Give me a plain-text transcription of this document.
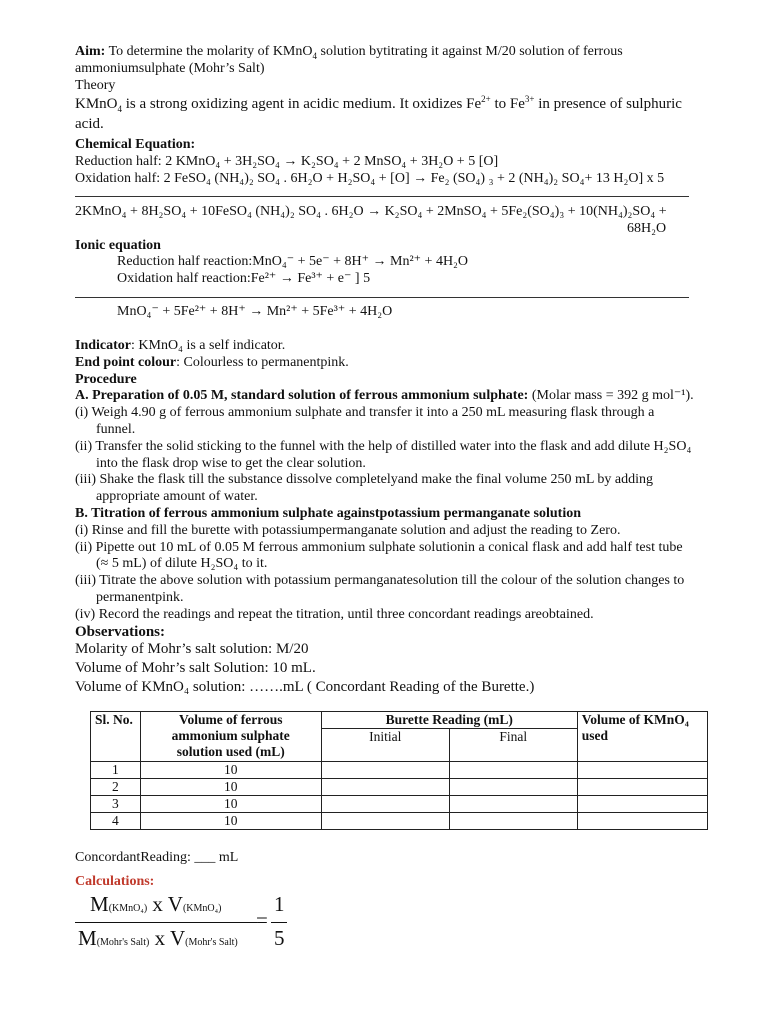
Aim: To determine the molarity of KMnO$_4$ solution bytitrating it against M/20 solution of ferrous
ammoniumsulphate (Mohr’s Salt)
Theory
KMnO$_4$ is a strong oxidizing agent in acidic medium. It oxidizes $Fe^{2+}$ to $Fe^{3+}$ in presence of sulphuric
acid.
Chemical Equation:
Reduction half: 2 KMnO₄ + 3H₂SO₄ → K₂SO₄ + 2 MnSO₄ + 3H₂O + 5 [O]
Oxidation half: 2 FeSO₄ (NH₄)₂ SO₄ . 6H₂O + H₂SO₄ + [O] → Fe₂ (SO₄) ₃ + 2 (NH₄)₂ SO₄+ 13 H₂O] x 5
2KMnO₄ + 8H₂SO₄ + 10FeSO₄ (NH₄)₂ SO₄ . 6H₂O → K₂SO₄ + 2MnSO₄ + 5Fe₂(SO₄)₃ + 10(NH₄)₂SO₄ +
68H₂O
Ionic equation
Reduction half reaction:MnO₄⁻ + 5e⁻ + 8H⁺ → Mn²⁺ + 4H₂O
Oxidation half reaction:Fe²⁺ → Fe³⁺ + e⁻ ] 5
MnO₄⁻ + 5Fe²⁺ + 8H⁺ → Mn²⁺ + 5Fe³⁺ + 4H₂O
Indicator: KMnO₄ is a self indicator.
End point colour: Colourless to permanentpink.
Procedure
A. Preparation of 0.05 M, standard solution of ferrous ammonium sulphate: (Molar mass = 392 g mol⁻¹).
(i) Weigh 4.90 g of ferrous ammonium sulphate and transfer it into a 250 mL measuring flask through a
funnel.
(ii) Transfer the solid sticking to the funnel with the help of distilled water into the flask and add dilute H₂SO₄
into the flask drop wise to get the clear solution.
(iii) Shake the flask till the substance dissolve completelyand make the final volume 250 mL by adding
appropriate amount of water.
B. Titration of ferrous ammonium sulphate againstpotassium permanganate solution
(i) Rinse and fill the burette with potassiumpermanganate solution and adjust the reading to Zero.
(ii) Pipette out 10 mL of 0.05 M ferrous ammonium sulphate solutionin a conical flask and add half test tube
(≈ 5 mL) of dilute H₂SO₄ to it.
(iii) Titrate the above solution with potassium permanganatesolution till the colour of the solution changes to
permanentpink.
(iv) Record the readings and repeat the titration, until three concordant readings areobtained.
Observations:
Molarity of Mohr’s salt solution: M/20
Volume of Mohr’s salt Solution: 10 mL.
Volume of KMnO₄ solution: …….mL ( Concordant Reading of the Burette.)
Sl. No.	Volume of ferrous ammonium sulphate solution used (mL)	Burette Reading (mL)		Volume of KMnO₄ used
		Initial	Final	
1	10			
2	10			
3	10			
4	10			
ConcordantReading: ___ mL
Calculations:
M(KMnO₄) x V(KMnO₄)
M(Mohr's Salt) x V(Mohr's Salt)
=
1
5
